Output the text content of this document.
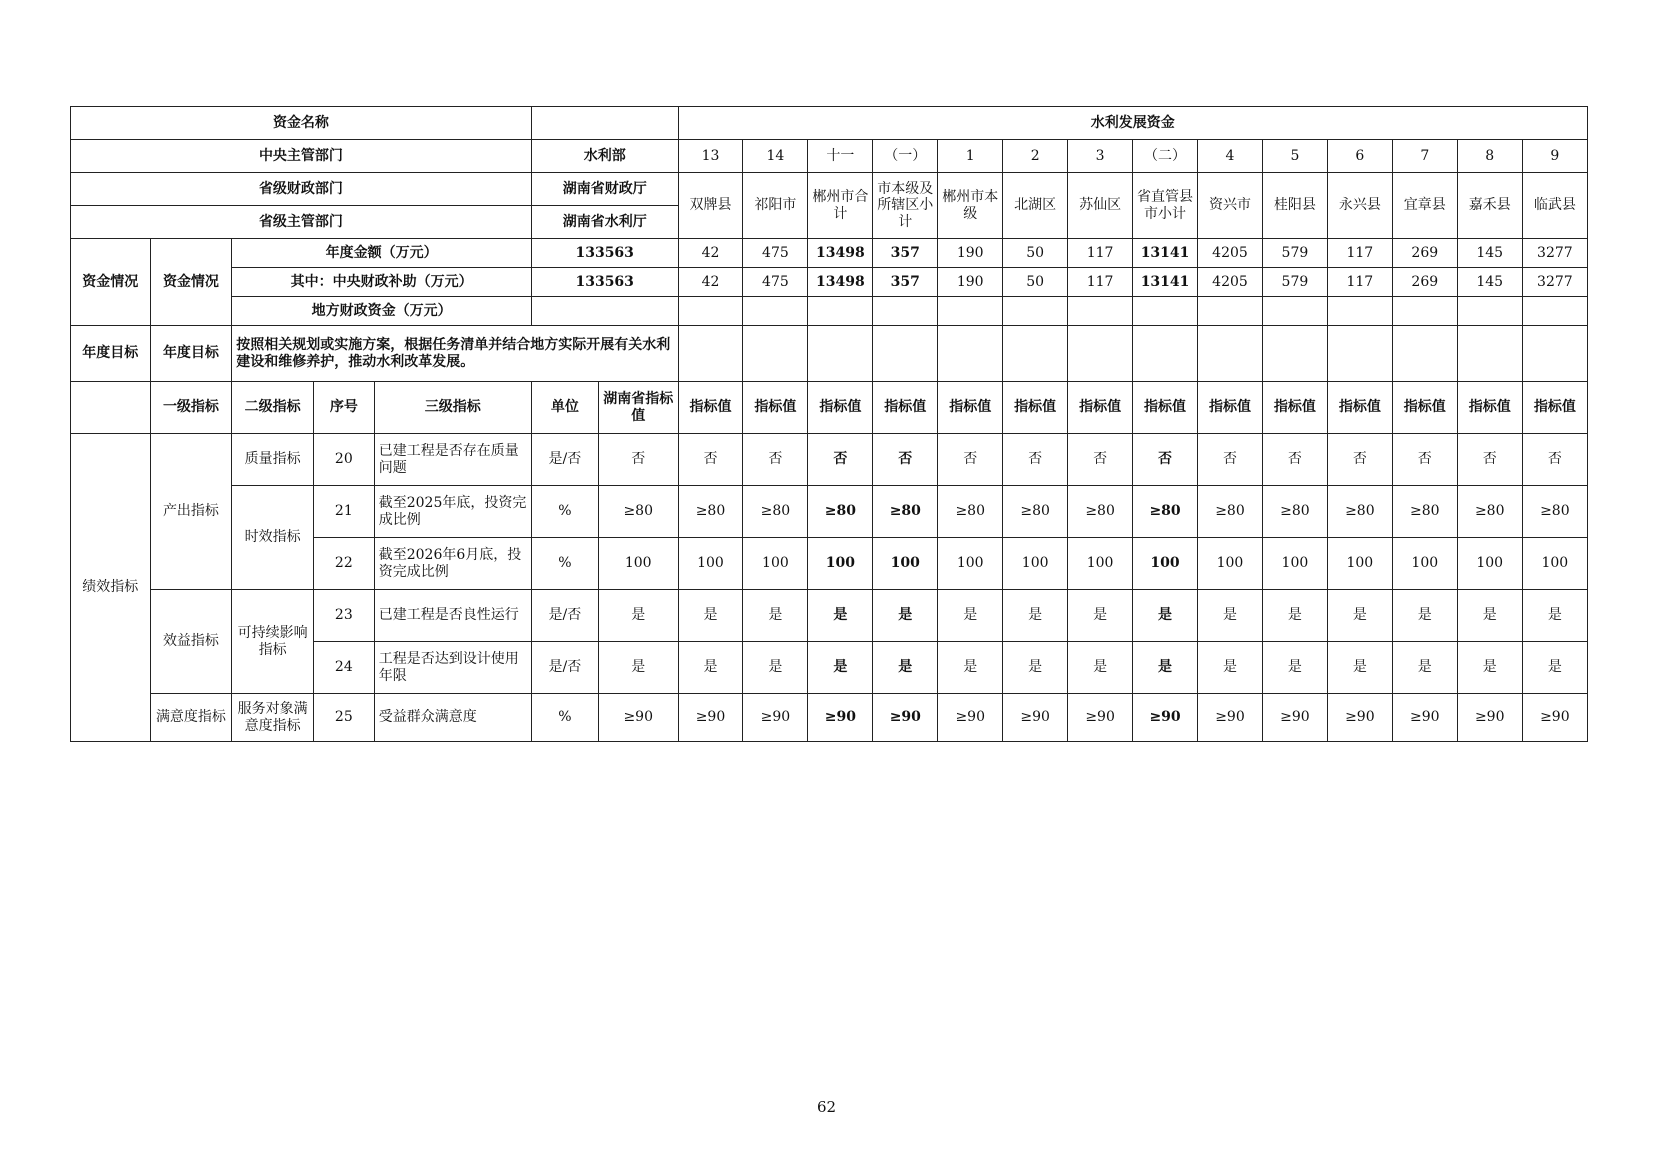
资金名称							水利发展资金													
中央主管部门					水利部		13	14	十一	（一）	1	2	3	（二）	4	5	6	7	8	9
省级财政部门					湖南省财政厅		双牌县	祁阳市	郴州市合计	市本级及所辖区小计	郴州市本级	北湖区	苏仙区	省直管县市小计	资兴市	桂阳县	永兴县	宜章县	嘉禾县	临武县
省级主管部门					湖南省水利厅															
资金情况	资金情况	年度金额（万元）			133563		42	475	13498	357	190	50	117	13141	4205	579	117	269	145	3277
		其中：中央财政补助（万元）			133563		42	475	13498	357	190	50	117	13141	4205	579	117	269	145	3277
		地方财政资金（万元）																		
年度目标	年度目标	按照相关规划或实施方案，根据任务清单并结合地方实际开展有关水利建设和维修养护，推动水利改革发展。																		
	一级指标	二级指标	序号	三级指标	单位	湖南省指标值	指标值	指标值	指标值	指标值	指标值	指标值	指标值	指标值	指标值	指标值	指标值	指标值	指标值	指标值
绩效指标	产出指标	质量指标	20	已建工程是否存在质量问题	是/否	否	否	否	否	否	否	否	否	否	否	否	否	否	否	否
		时效指标	21	截至2025年底，投资完成比例	%	≥80	≥80	≥80	≥80	≥80	≥80	≥80	≥80	≥80	≥80	≥80	≥80	≥80	≥80	≥80
			22	截至2026年6月底，投资完成比例	%	100	100	100	100	100	100	100	100	100	100	100	100	100	100	100
	效益指标	可持续影响指标	23	已建工程是否良性运行	是/否	是	是	是	是	是	是	是	是	是	是	是	是	是	是	是
			24	工程是否达到设计使用年限	是/否	是	是	是	是	是	是	是	是	是	是	是	是	是	是	是
	满意度指标	服务对象满意度指标	25	受益群众满意度	%	≥90	≥90	≥90	≥90	≥90	≥90	≥90	≥90	≥90	≥90	≥90	≥90	≥90	≥90	≥90
62
